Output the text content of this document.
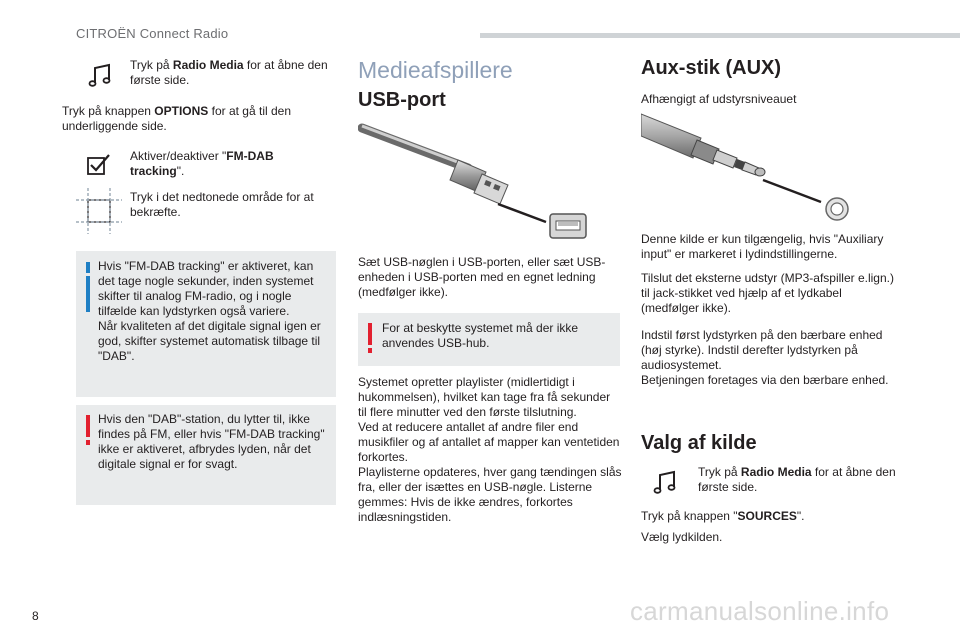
CITROËN Connect Radio
Tryk på Radio Media for at åbne den første side.
Tryk på knappen OPTIONS for at gå til den underliggende side.
Aktiver/deaktiver "FM-DAB tracking".
Tryk i det nedtonede område for at bekræfte.
Hvis "FM-DAB tracking" er aktiveret, kan det tage nogle sekunder, inden systemet skifter til analog FM-radio, og i nogle tilfælde kan lydstyrken også variere.
Når kvaliteten af det digitale signal igen er god, skifter systemet automatisk tilbage til "DAB".
Hvis den "DAB"-station, du lytter til, ikke findes på FM, eller hvis "FM-DAB tracking" ikke er aktiveret, afbrydes lyden, når det digitale signal er for svagt.
Medieafspillere
USB-port
Sæt USB-nøglen i USB-porten, eller sæt USB-enheden i USB-porten med en egnet ledning (medfølger ikke).
For at beskytte systemet må der ikke anvendes USB-hub.
Systemet opretter playlister (midlertidigt i hukommelsen), hvilket kan tage fra få sekunder til flere minutter ved den første tilslutning.
Ved at reducere antallet af andre filer end musikfiler og af antallet af mapper kan ventetiden forkortes.
Playlisterne opdateres, hver gang tændingen slås fra, eller der isættes en USB-nøgle. Listerne gemmes: Hvis de ikke ændres, forkortes indlæsningstiden.
Aux-stik (AUX)
Afhængigt af udstyrsniveauet
Denne kilde er kun tilgængelig, hvis "Auxiliary input" er markeret i lydindstillingerne.
Tilslut det eksterne udstyr (MP3-afspiller e.lign.) til jack-stikket ved hjælp af et lydkabel (medfølger ikke).
Indstil først lydstyrken på den bærbare enhed (høj styrke). Indstil derefter lydstyrken på audiosystemet.
Betjeningen foretages via den bærbare enhed.
Valg af kilde
Tryk på Radio Media for at åbne den første side.
Tryk på knappen "SOURCES".
Vælg lydkilden.
8	carmanualsonline.info
